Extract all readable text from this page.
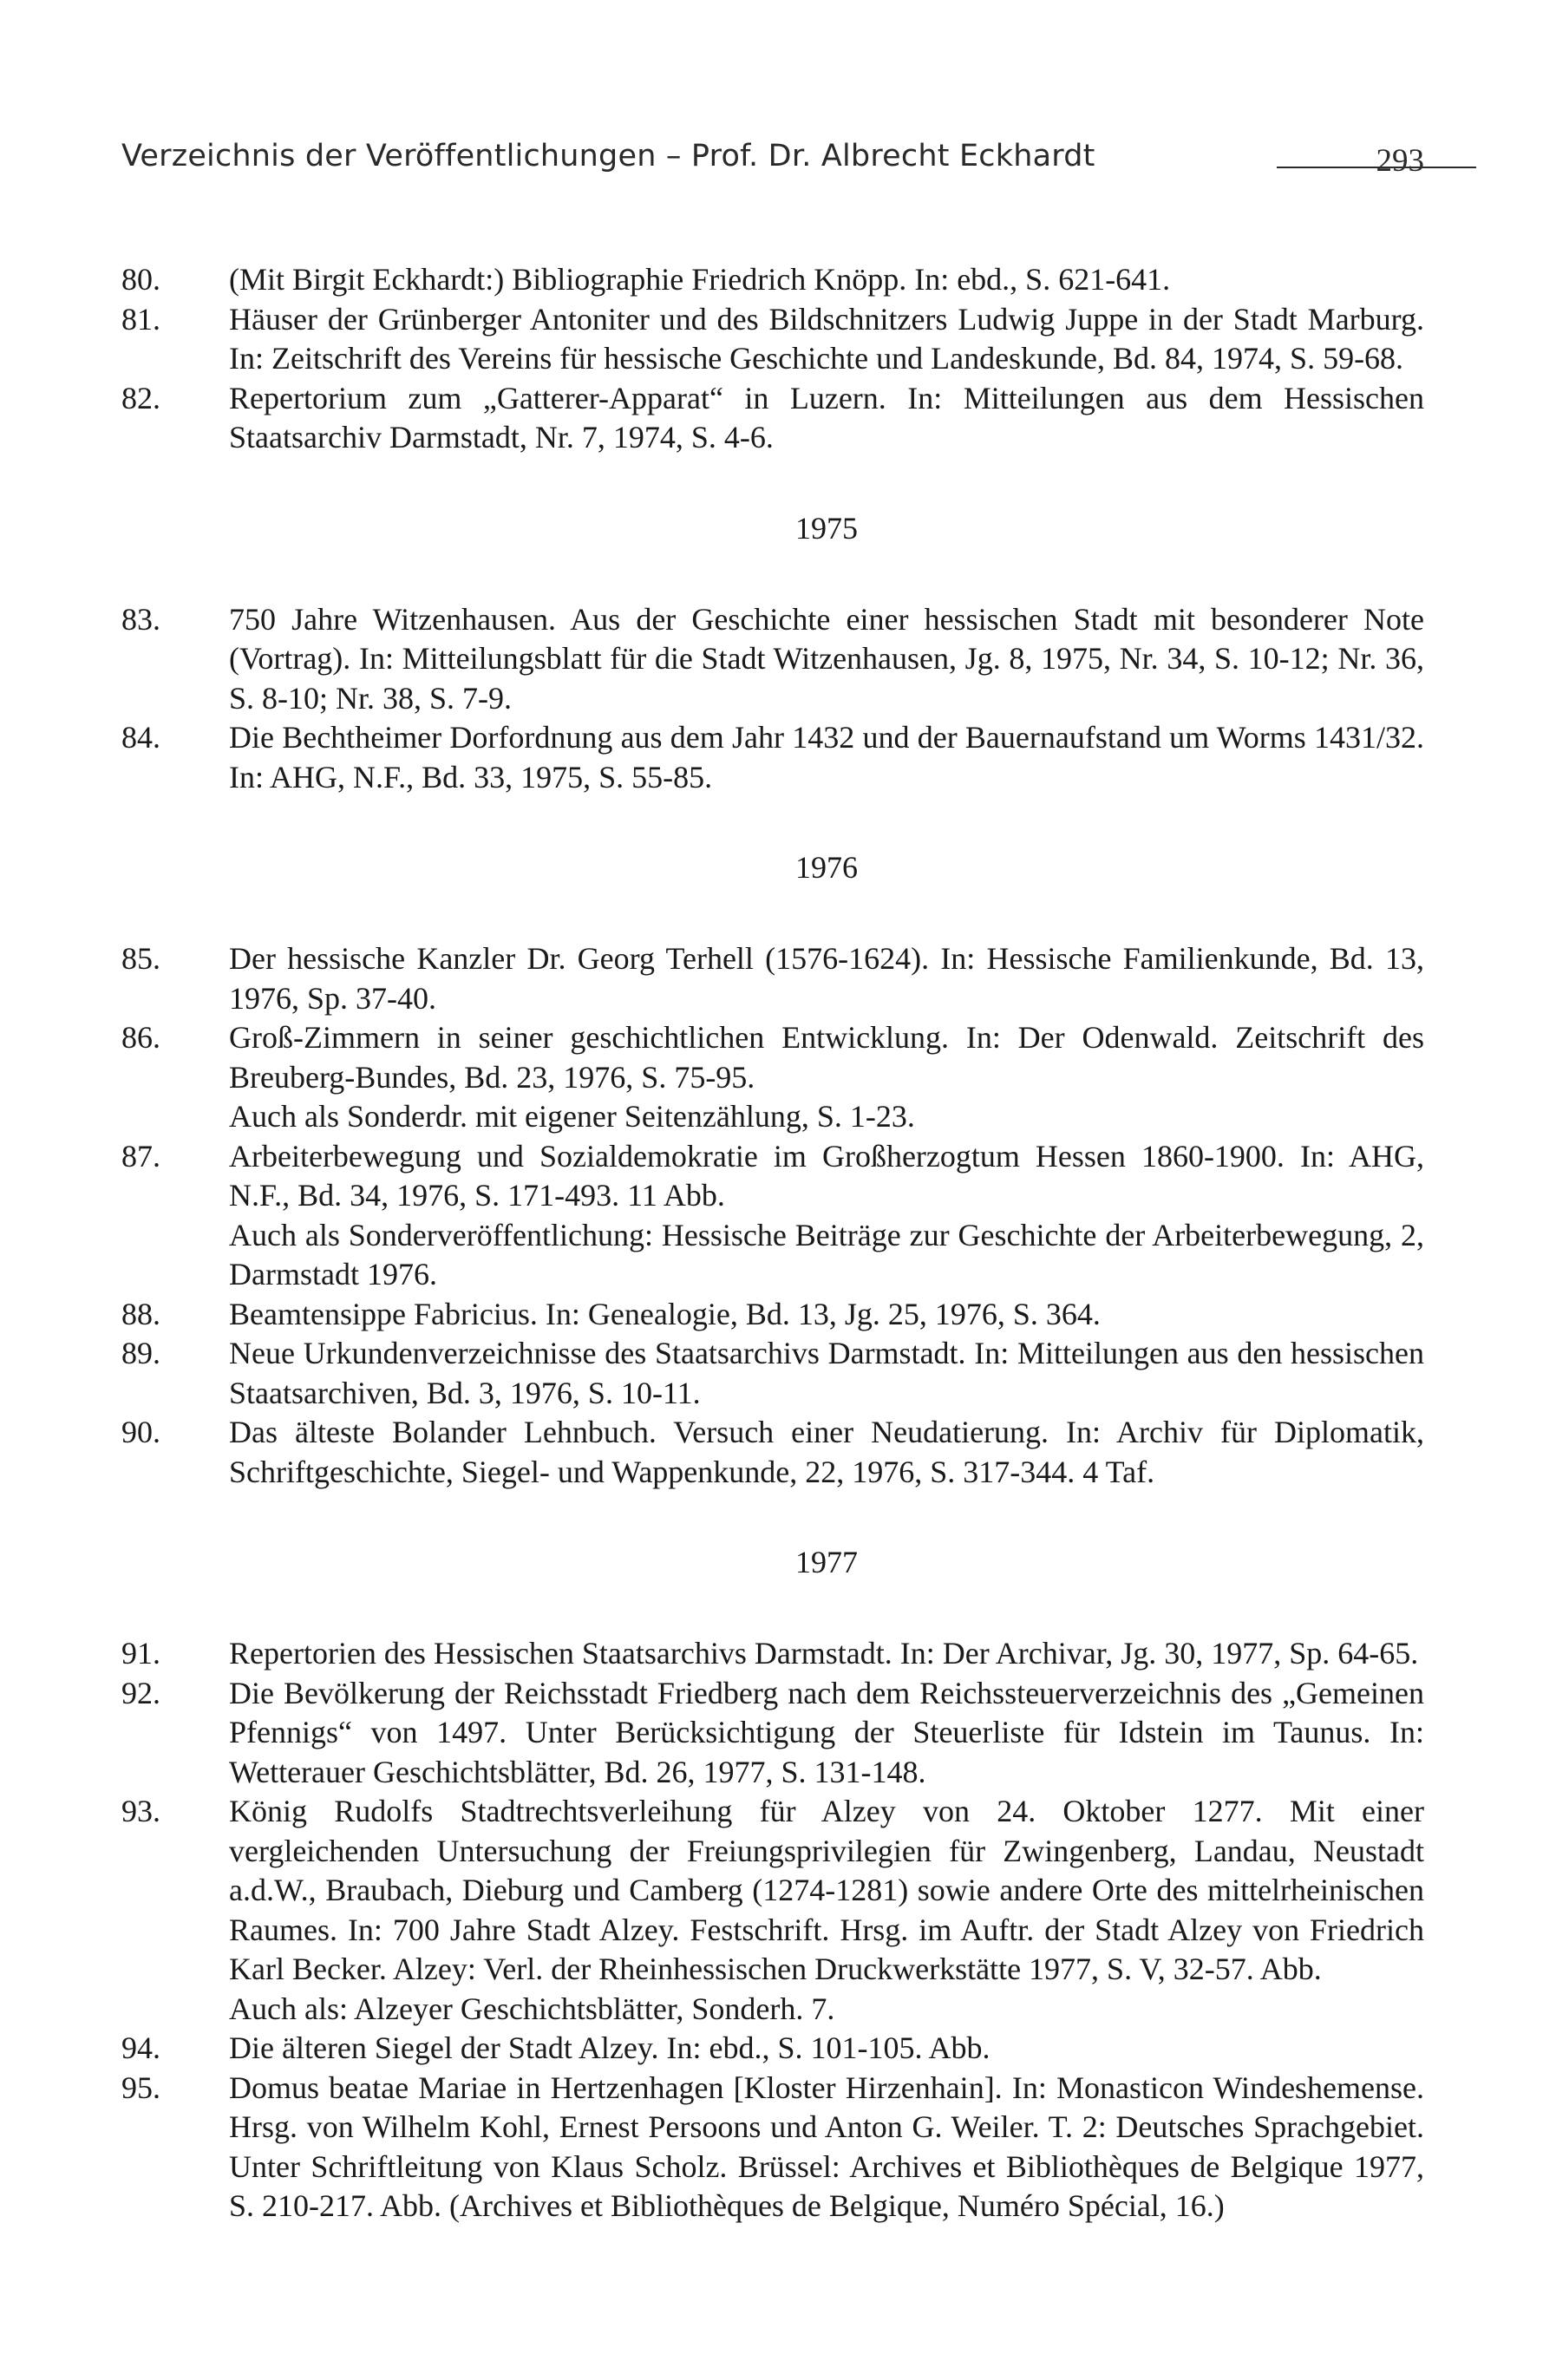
Verzeichnis der Veröffentlichungen – Prof. Dr. Albrecht Eckhardt	293
80.	(Mit Birgit Eckhardt:) Bibliographie Friedrich Knöpp. In: ebd., S. 621-641.
81.	Häuser der Grünberger Antoniter und des Bildschnitzers Ludwig Juppe in der Stadt Marburg. In: Zeitschrift des Vereins für hessische Geschichte und Landeskunde, Bd. 84, 1974, S. 59-68.
82.	Repertorium zum „Gatterer-Apparat“ in Luzern. In: Mitteilungen aus dem Hessischen Staatsarchiv Darmstadt, Nr. 7, 1974, S. 4-6.
1975
83.	750 Jahre Witzenhausen. Aus der Geschichte einer hessischen Stadt mit besonderer Note (Vortrag). In: Mitteilungsblatt für die Stadt Witzenhausen, Jg. 8, 1975, Nr. 34, S. 10-12; Nr. 36, S. 8-10; Nr. 38, S. 7-9.
84.	Die Bechtheimer Dorfordnung aus dem Jahr 1432 und der Bauernaufstand um Worms 1431/32. In: AHG, N.F., Bd. 33, 1975, S. 55-85.
1976
85.	Der hessische Kanzler Dr. Georg Terhell (1576-1624). In: Hessische Familienkunde, Bd. 13, 1976, Sp. 37-40.
86.	Groß-Zimmern in seiner geschichtlichen Entwicklung. In: Der Odenwald. Zeitschrift des Breuberg-Bundes, Bd. 23, 1976, S. 75-95.
Auch als Sonderdr. mit eigener Seitenzählung, S. 1-23.
87.	Arbeiterbewegung und Sozialdemokratie im Großherzogtum Hessen 1860-1900. In: AHG, N.F., Bd. 34, 1976, S. 171-493. 11 Abb.
Auch als Sonderveröffentlichung: Hessische Beiträge zur Geschichte der Arbeiterbewegung, 2, Darmstadt 1976.
88.	Beamtensippe Fabricius. In: Genealogie, Bd. 13, Jg. 25, 1976, S. 364.
89.	Neue Urkundenverzeichnisse des Staatsarchivs Darmstadt. In: Mitteilungen aus den hessischen Staatsarchiven, Bd. 3, 1976, S. 10-11.
90.	Das älteste Bolander Lehnbuch. Versuch einer Neudatierung. In: Archiv für Diplomatik, Schriftgeschichte, Siegel- und Wappenkunde, 22, 1976, S. 317-344. 4 Taf.
1977
91.	Repertorien des Hessischen Staatsarchivs Darmstadt. In: Der Archivar, Jg. 30, 1977, Sp. 64-65.
92.	Die Bevölkerung der Reichsstadt Friedberg nach dem Reichssteuerverzeichnis des „Gemeinen Pfennigs“ von 1497. Unter Berücksichtigung der Steuerliste für Idstein im Taunus. In: Wetterauer Geschichtsblätter, Bd. 26, 1977, S. 131-148.
93.	König Rudolfs Stadtrechtsverleihung für Alzey von 24. Oktober 1277. Mit einer vergleichenden Untersuchung der Freiungsprivilegien für Zwingenberg, Landau, Neustadt a.d.W., Braubach, Dieburg und Camberg (1274-1281) sowie andere Orte des mittelrheinischen Raumes. In: 700 Jahre Stadt Alzey. Festschrift. Hrsg. im Auftr. der Stadt Alzey von Friedrich Karl Becker. Alzey: Verl. der Rheinhessischen Druckwerkstätte 1977, S. V, 32-57. Abb.
Auch als: Alzeyer Geschichtsblätter, Sonderh. 7.
94.	Die älteren Siegel der Stadt Alzey. In: ebd., S. 101-105. Abb.
95.	Domus beatae Mariae in Hertzenhagen [Kloster Hirzenhain]. In: Monasticon Windeshemense. Hrsg. von Wilhelm Kohl, Ernest Persoons und Anton G. Weiler. T. 2: Deutsches Sprachgebiet. Unter Schriftleitung von Klaus Scholz. Brüssel: Archives et Bibliothèques de Belgique 1977, S. 210-217. Abb. (Archives et Bibliothèques de Belgique, Numéro Spécial, 16.)
